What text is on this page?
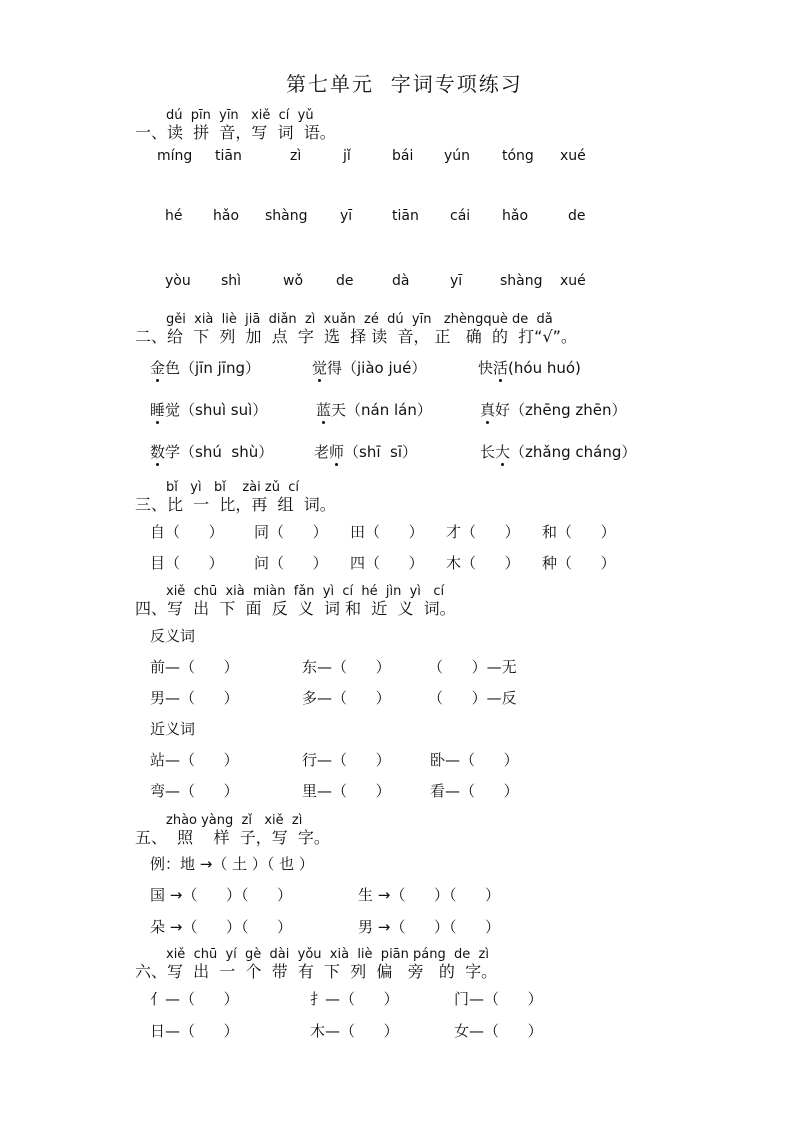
第七单元  字词专项练习
dú  pīn  yīn   xiě  cí  yǔ
一、读  拼  音，写  词  语。
míng tiān	zì	jǐ	bái yún tóng xué
hé hǎo shàng yī	tiān cái hǎo	de
yòu shì	wǒ de	dà	yī	shàng xué
gěi  xià  liè  jiā  diǎn  zì  xuǎn  zé  dú  yīn   zhèngquè de  dǎ
二、给  下  列  加  点  字  选  择 读  音， 正   确  的  打“√”。
金色（jīn jīng）	觉得（jiào jué）	快活(hóu huó)
睡觉（shuì suì）	蓝天（nán lán）	真好（zhēng zhēn）
数学（shú  shù）	老师（shī  sī）	长大（zhǎng cháng）
bǐ   yì   bǐ    zài zǔ  cí
三、比  一  比，再  组  词。
自（      ） 同（      ） 田（      ） 才（      ） 和（      ）
目（      ） 问（      ） 四（      ） 木（      ） 种（      ）
xiě  chū  xià  miàn  fǎn  yì  cí  hé  jìn  yì   cí
四、写  出  下  面  反  义  词 和  近  义  词。
反义词
前—（      ）	东—（      ） （      ）—无
男—（      ）	多—（      ） （      ）—反
近义词
站—（      ）	行—（      ）	卧—（      ）
弯—（      ）	里—（      ）	看—（      ）
zhào yàng  zǐ   xiě  zì
五、  照    样  子，写  字。
例：地 →（ 土 ）（ 也 ）
国 →（      ）（      ）	生 →（      ）（      ）
朵 →（      ）（      ）	男 →（      ）（      ）
xiě  chū  yí  gè  dài  yǒu  xià  liè  piān páng  de  zì
六、写  出  一  个  带  有  下  列  偏   旁   的  字。
亻—（      ）	扌—（      ）	门—（      ）
日—（      ）	木—（      ）	女—（      ）
